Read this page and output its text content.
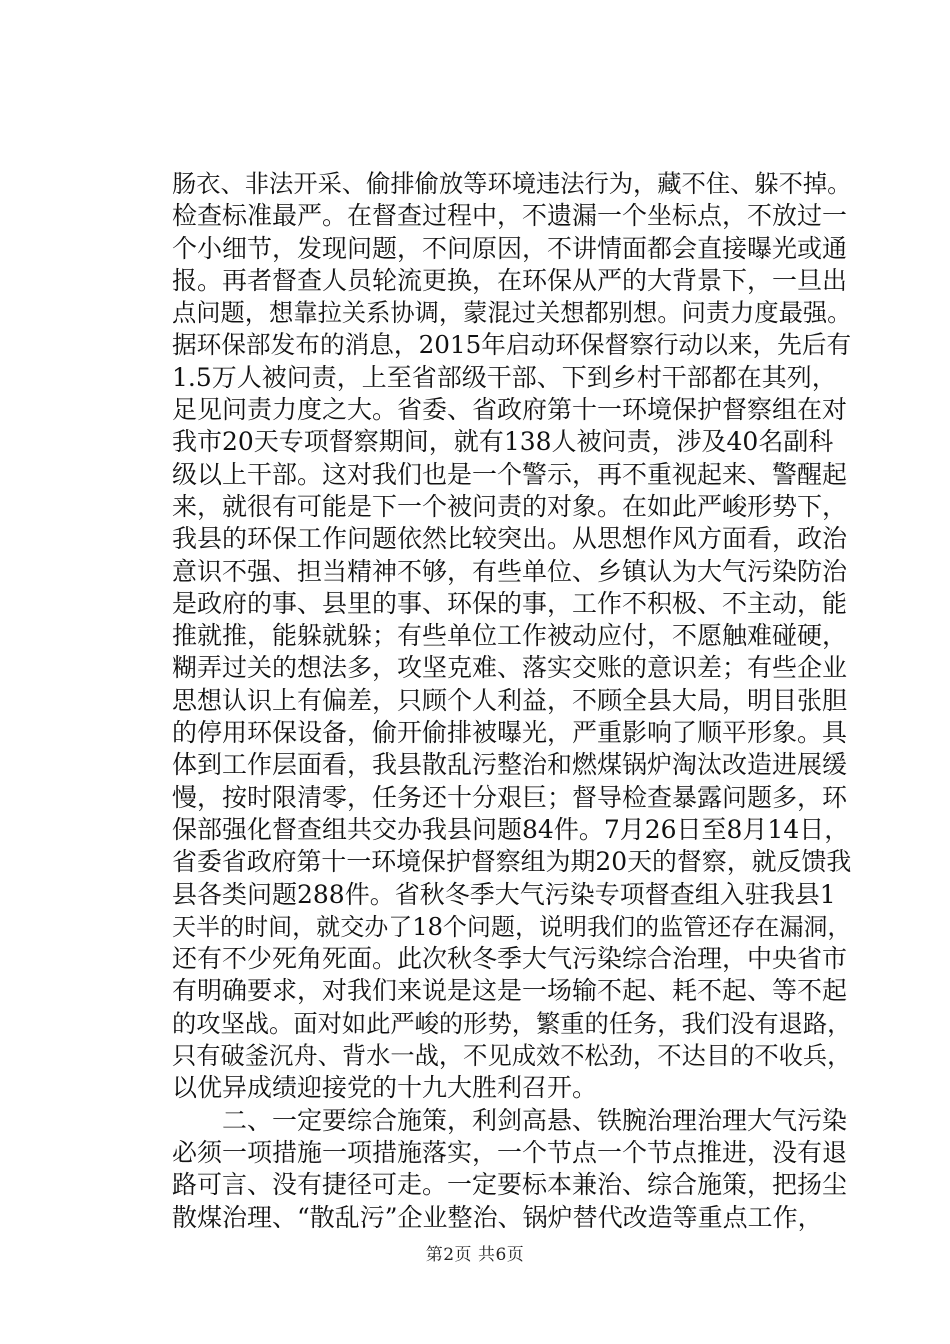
肠衣、非法开采、偷排偷放等环境违法行为，藏不住、躲不掉。
检查标准最严。在督查过程中，不遗漏一个坐标点，不放过一
个小细节，发现问题，不问原因，不讲情面都会直接曝光或通
报。再者督查人员轮流更换，在环保从严的大背景下，一旦出
点问题，想靠拉关系协调，蒙混过关想都别想。问责力度最强。
据环保部发布的消息，2015年启动环保督察行动以来，先后有
1.5万人被问责，上至省部级干部、下到乡村干部都在其列，
足见问责力度之大。省委、省政府第十一环境保护督察组在对
我市20天专项督察期间，就有138人被问责，涉及40名副科
级以上干部。这对我们也是一个警示，再不重视起来、警醒起
来，就很有可能是下一个被问责的对象。在如此严峻形势下，
我县的环保工作问题依然比较突出。从思想作风方面看，政治
意识不强、担当精神不够，有些单位、乡镇认为大气污染防治
是政府的事、县里的事、环保的事，工作不积极、不主动，能
推就推，能躲就躲；有些单位工作被动应付，不愿触难碰硬，
糊弄过关的想法多，攻坚克难、落实交账的意识差；有些企业
思想认识上有偏差，只顾个人利益，不顾全县大局，明目张胆
的停用环保设备，偷开偷排被曝光，严重影响了顺平形象。具
体到工作层面看，我县散乱污整治和燃煤锅炉淘汰改造进展缓
慢，按时限清零，任务还十分艰巨；督导检查暴露问题多，环
保部强化督查组共交办我县问题84件。7月26日至8月14日，
省委省政府第十一环境保护督察组为期20天的督察，就反馈我
县各类问题288件。省秋冬季大气污染专项督查组入驻我县1
天半的时间，就交办了18个问题，说明我们的监管还存在漏洞，
还有不少死角死面。此次秋冬季大气污染综合治理，中央省市
有明确要求，对我们来说是这是一场输不起、耗不起、等不起
的攻坚战。面对如此严峻的形势，繁重的任务，我们没有退路，
只有破釜沉舟、背水一战，不见成效不松劲，不达目的不收兵，
以优异成绩迎接党的十九大胜利召开。
二、一定要综合施策，利剑高悬、铁腕治理治理大气污染
必须一项措施一项措施落实，一个节点一个节点推进，没有退
路可言、没有捷径可走。一定要标本兼治、综合施策，把扬尘
散煤治理、“散乱污”企业整治、锅炉替代改造等重点工作，
第2页 共6页
